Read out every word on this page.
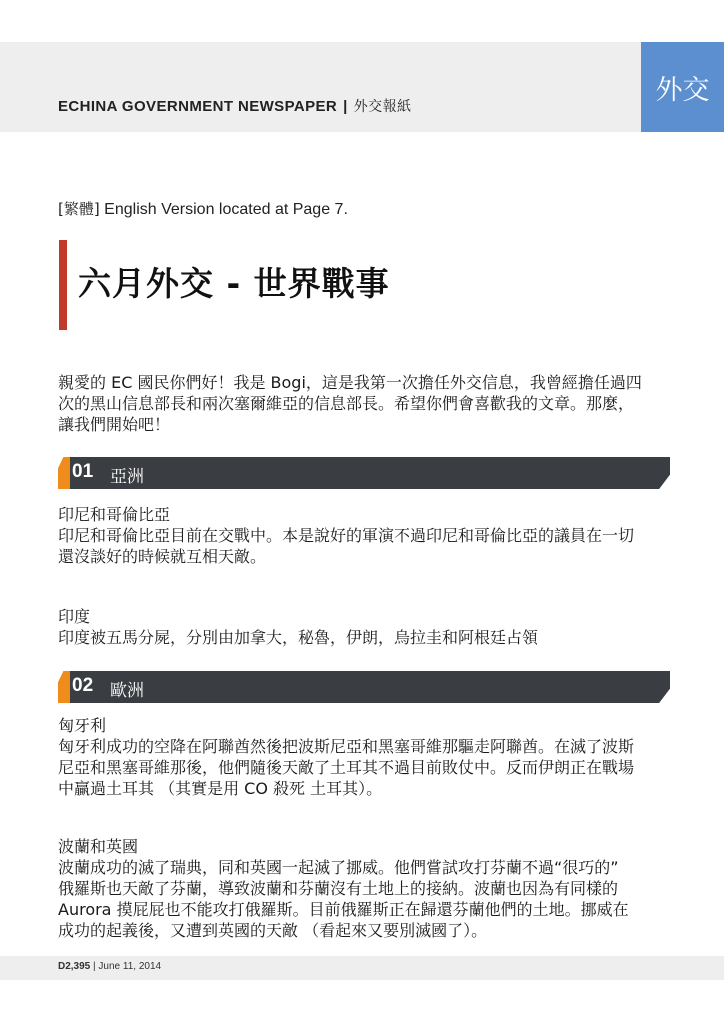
ECHINA GOVERNMENT NEWSPAPER | 外交報紙
外交
[繁體] English Version located at Page 7.
六月外交 - 世界戰事

親愛的 EC 國民你們好！我是 Bogi，這是我第一次擔任外交信息，我曾經擔任過四

次的黑山信息部長和兩次塞爾維亞的信息部長。希望你們會喜歡我的文章。那麼，

讓我們開始吧！

01 亞洲
印尼和哥倫比亞

印尼和哥倫比亞目前在交戰中。本是說好的軍演不過印尼和哥倫比亞的議員在一切

還沒談好的時候就互相天敵。

印度

印度被五馬分屍，分別由加拿大，秘魯，伊朗，烏拉圭和阿根廷占領

02 歐洲
匈牙利

匈牙利成功的空降在阿聯酋然後把波斯尼亞和黑塞哥維那驅走阿聯酋。在滅了波斯

尼亞和黑塞哥維那後，他們隨後天敵了土耳其不過目前敗仗中。反而伊朗正在戰場

中贏過土耳其 （其實是用 CO 殺死 土耳其）。

波蘭和英國

波蘭成功的滅了瑞典，同和英國一起滅了挪威。他們嘗試攻打芬蘭不過“很巧的”

俄羅斯也天敵了芬蘭，導致波蘭和芬蘭沒有土地上的接納。波蘭也因為有同樣的

Aurora 摸屁屁也不能攻打俄羅斯。目前俄羅斯正在歸還芬蘭他們的土地。挪威在

成功的起義後，又遭到英國的天敵 （看起來又要別滅國了）。

D2,395 | June 11, 2014
